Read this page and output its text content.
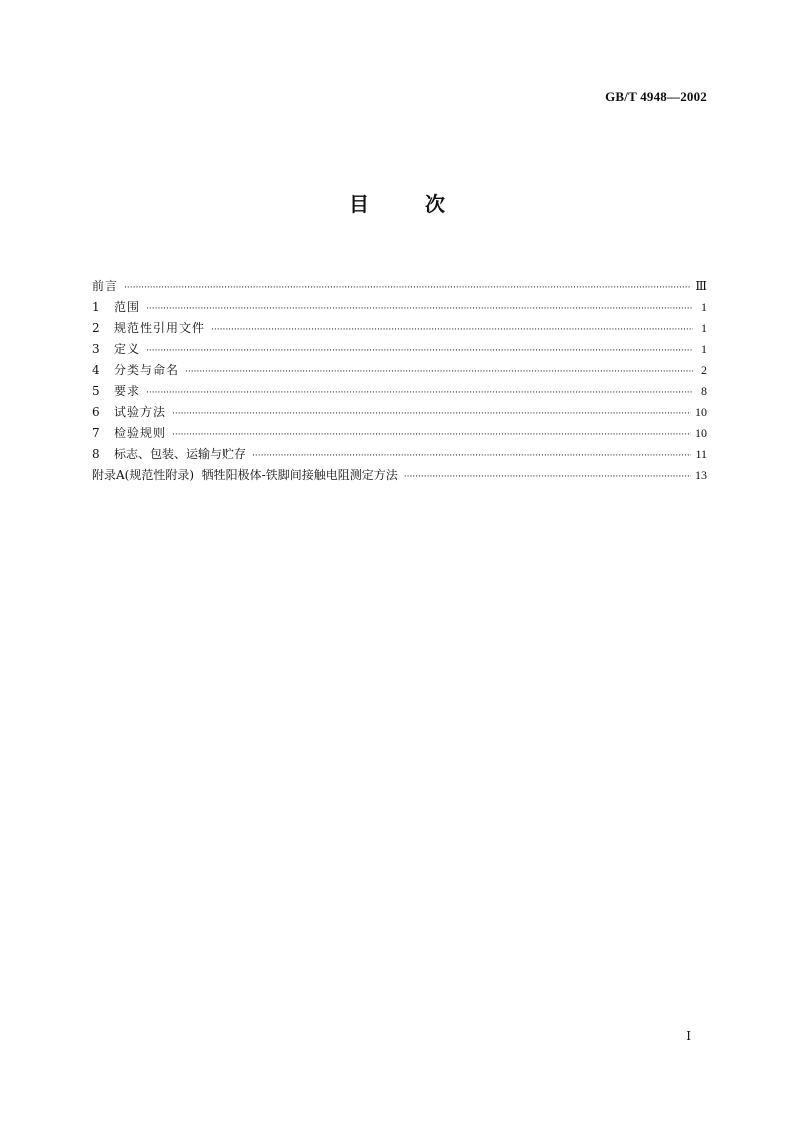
GB/T 4948—2002
目	次
前言 ·····	Ⅲ
1	范围 ·····	1
2	规范性引用文件 ·····	1
3	定义 ·····	1
4	分类与命名 ·····	2
5	要求 ·····	8
6	试验方法 ·····	10
7	检验规则 ·····	10
8	标志、包装、运输与贮存 ·····	11
附录A(规范性附录)  牺牲阳极体-铁脚间接触电阻测定方法 ·····	13
Ⅰ
